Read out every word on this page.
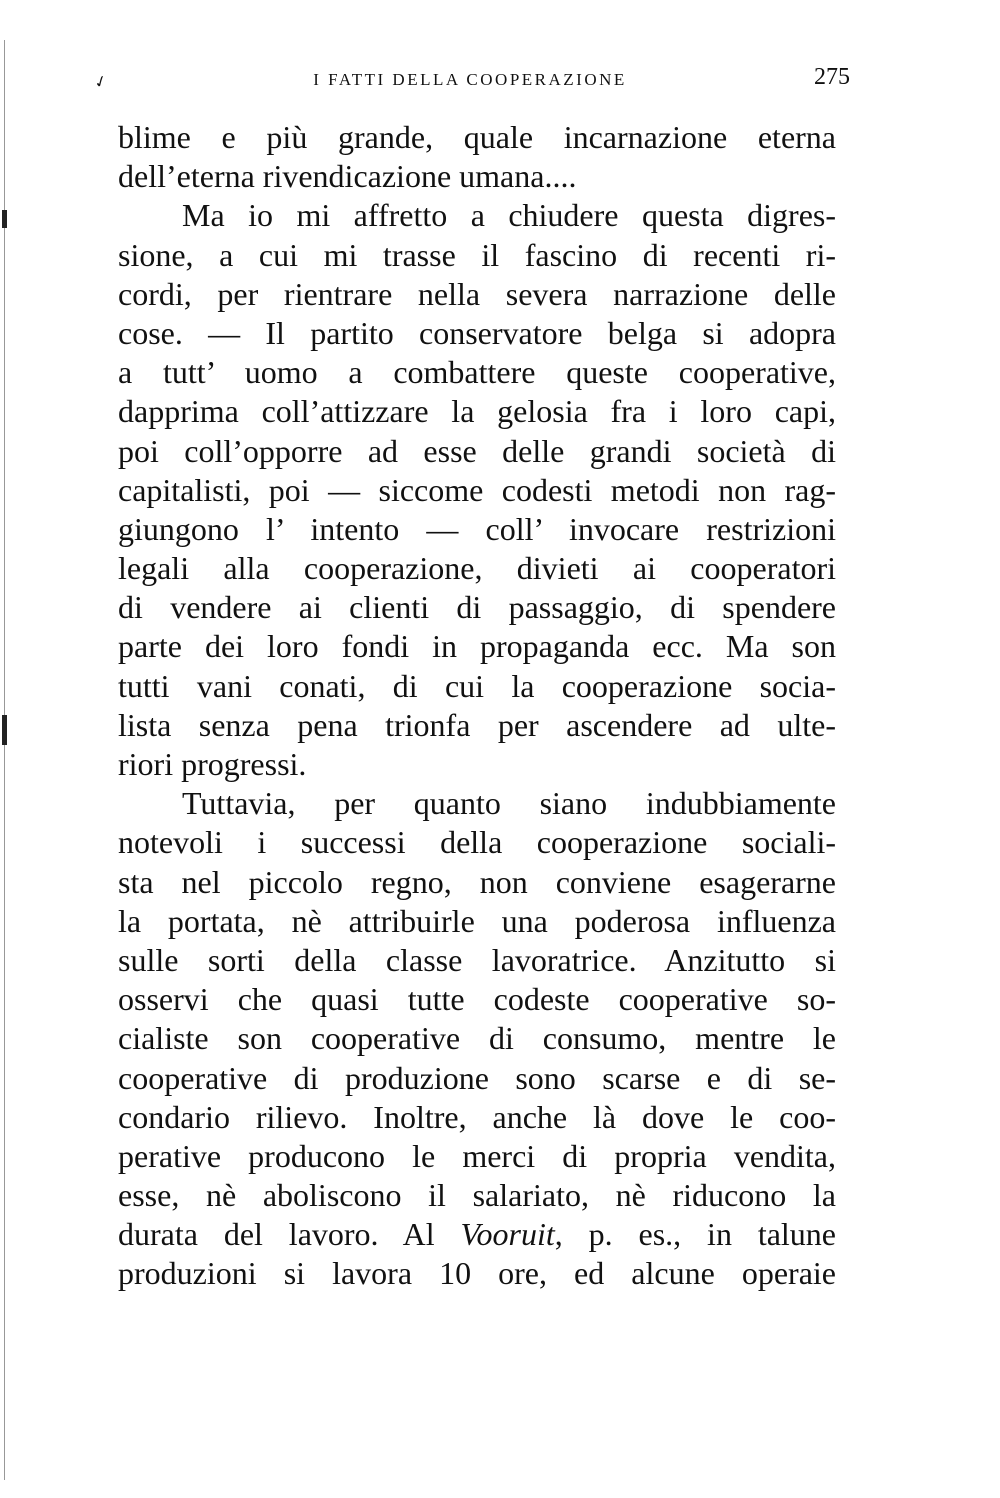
✓	I FATTI DELLA COOPERAZIONE	275
blime e più grande, quale incarnazione eterna
dell’eterna rivendicazione umana....
Ma io mi affretto a chiudere questa digres-
sione, a cui mi trasse il fascino di recenti ri-
cordi, per rientrare nella severa narrazione delle
cose. — Il partito conservatore belga si adopra
a tutt’ uomo a combattere queste cooperative,
dapprima coll’attizzare la gelosia fra i loro capi,
poi coll’opporre ad esse delle grandi società di
capitalisti, poi — siccome codesti metodi non rag-
giungono l’ intento — coll’ invocare restrizioni
legali alla cooperazione, divieti ai cooperatori
di vendere ai clienti di passaggio, di spendere
parte dei loro fondi in propaganda ecc. Ma son
tutti vani conati, di cui la cooperazione socia-
lista senza pena trionfa per ascendere ad ulte-
riori progressi.
Tuttavia, per quanto siano indubbiamente
notevoli i successi della cooperazione sociali-
sta nel piccolo regno, non conviene esagerarne
la portata, nè attribuirle una poderosa influenza
sulle sorti della classe lavoratrice. Anzitutto si
osservi che quasi tutte codeste cooperative so-
cialiste son cooperative di consumo, mentre le
cooperative di produzione sono scarse e di se-
condario rilievo. Inoltre, anche là dove le coo-
perative producono le merci di propria vendita,
esse, nè aboliscono il salariato, nè riducono la
durata del lavoro. Al Vooruit, p. es., in talune
produzioni si lavora 10 ore, ed alcune operaie
